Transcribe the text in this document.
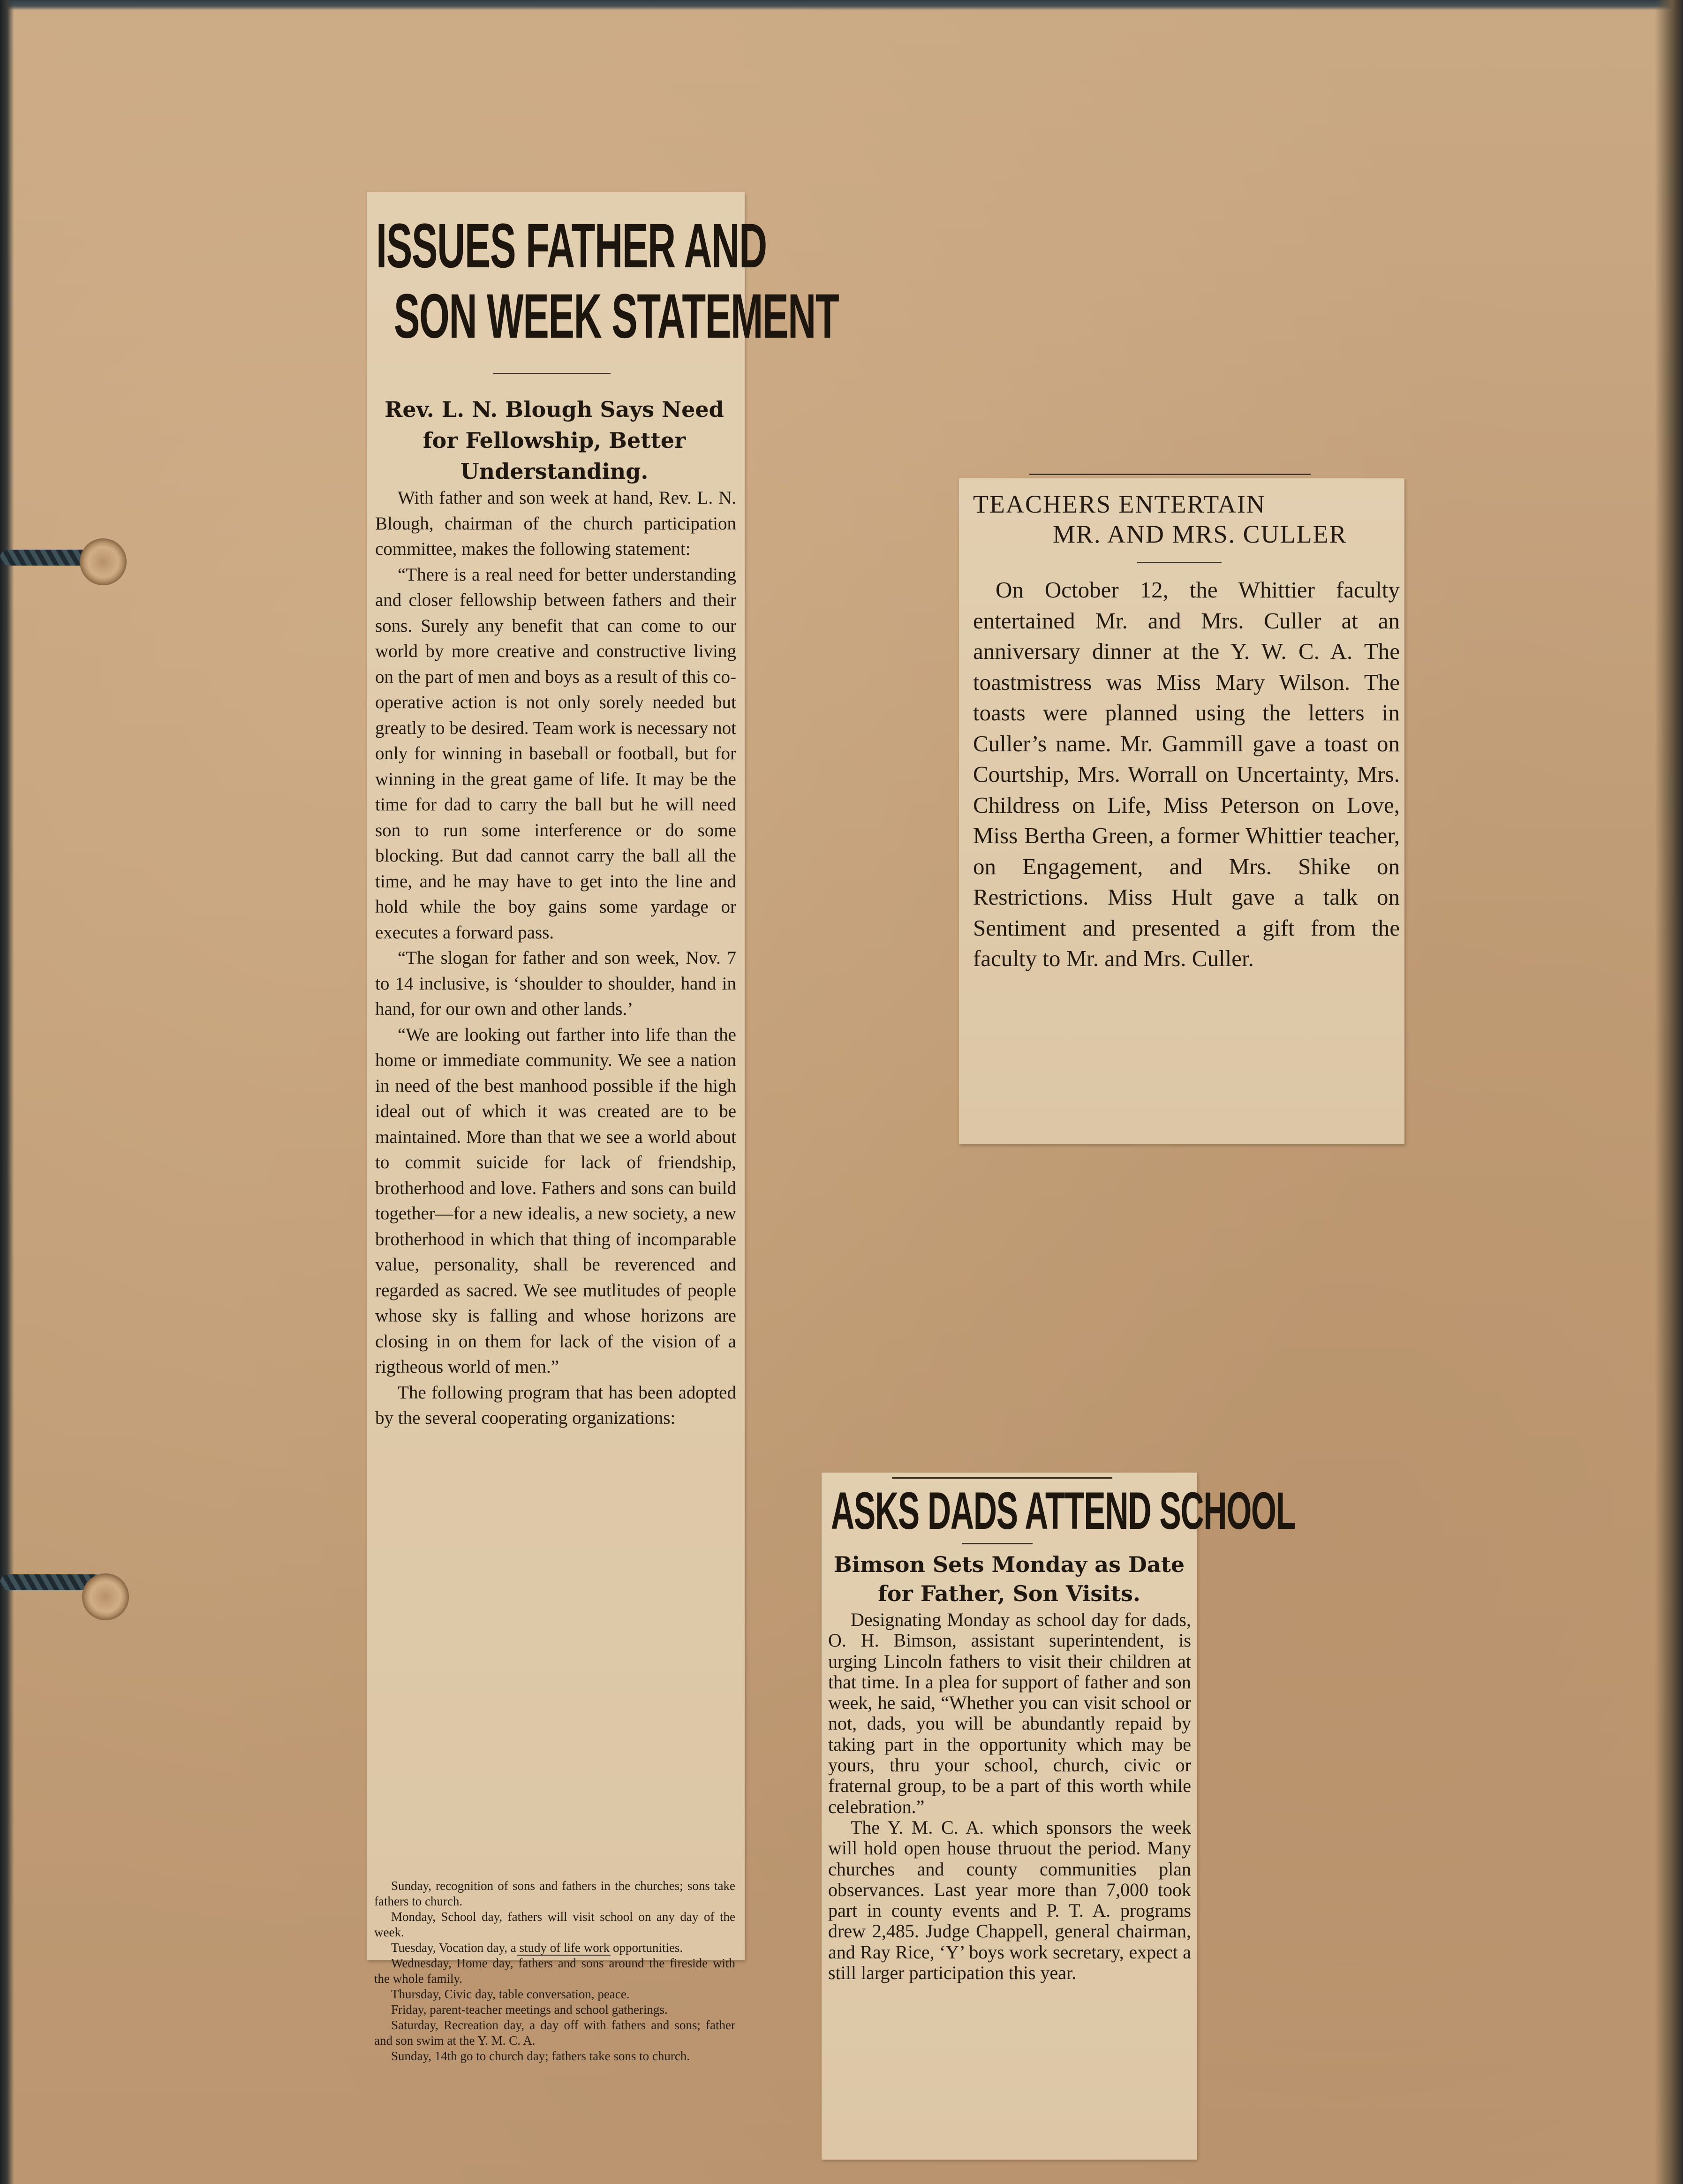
ISSUES FATHER AND
SON WEEK STATEMENT
Rev. L. N. Blough Says Need for Fellowship, Better Understanding.

With father and son week at hand, Rev. L. N. Blough, chairman of the church participation committee, makes the following statement:

“There is a real need for better understanding and closer fellowship between fathers and their sons. Surely any benefit that can come to our world by more creative and constructive living on the part of men and boys as a result of this co-operative action is not only sorely needed but greatly to be desired. Team work is necessary not only for winning in baseball or football, but for winning in the great game of life. It may be the time for dad to carry the ball but he will need son to run some interference or do some blocking. But dad cannot carry the ball all the time, and he may have to get into the line and hold while the boy gains some yardage or executes a forward pass.

“The slogan for father and son week, Nov. 7 to 14 inclusive, is ‘shoulder to shoulder, hand in hand, for our own and other lands.’

“We are looking out farther into life than the home or immediate community. We see a nation in need of the best manhood possible if the high ideal out of which it was created are to be maintained. More than that we see a world about to commit suicide for lack of friendship, brotherhood and love. Fathers and sons can build together—for a new idealis, a new society, a new brotherhood in which that thing of incomparable value, personality, shall be reverenced and regarded as sacred. We see mutlitudes of people whose sky is falling and whose horizons are closing in on them for lack of the vision of a rigtheous world of men.”

The following program that has been adopted by the several cooperating organizations:

Sunday, recognition of sons and fathers in the churches; sons take fathers to church.

Monday, School day, fathers will visit school on any day of the week.

Tuesday, Vocation day, a study of life work opportunities.

Wednesday, Home day, fathers and sons around the fireside with the whole family.

Thursday, Civic day, table conversation, peace.

Friday, parent-teacher meetings and school gatherings.

Saturday, Recreation day, a day off with fathers and sons; father and son swim at the Y. M. C. A.

Sunday, 14th go to church day; fathers take sons to church.

TEACHERS ENTERTAIN
MR. AND MRS. CULLER

On October 12, the Whittier faculty entertained Mr. and Mrs. Culler at an anniversary dinner at the Y. W. C. A. The toastmistress was Miss Mary Wilson. The toasts were planned using the letters in Culler’s name. Mr. Gammill gave a toast on Courtship, Mrs. Worrall on Uncertainty, Mrs. Childress on Life, Miss Peterson on Love, Miss Bertha Green, a former Whittier teacher, on Engagement, and Mrs. Shike on Restrictions. Miss Hult gave a talk on Sentiment and presented a gift from the faculty to Mr. and Mrs. Culler.

ASKS DADS ATTEND SCHOOL
Bimson Sets Monday as Date for Father, Son Visits.

Designating Monday as school day for dads, O. H. Bimson, assistant superintendent, is urging Lincoln fathers to visit their children at that time. In a plea for support of father and son week, he said, “Whether you can visit school or not, dads, you will be abundantly repaid by taking part in the opportunity which may be yours, thru your school, church, civic or fraternal group, to be a part of this worth while celebration.”

The Y. M. C. A. which sponsors the week will hold open house thruout the period. Many churches and county communities plan observances. Last year more than 7,000 took part in county events and P. T. A. programs drew 2,485. Judge Chappell, general chairman, and Ray Rice, ‘Y’ boys work secretary, expect a still larger participation this year.
